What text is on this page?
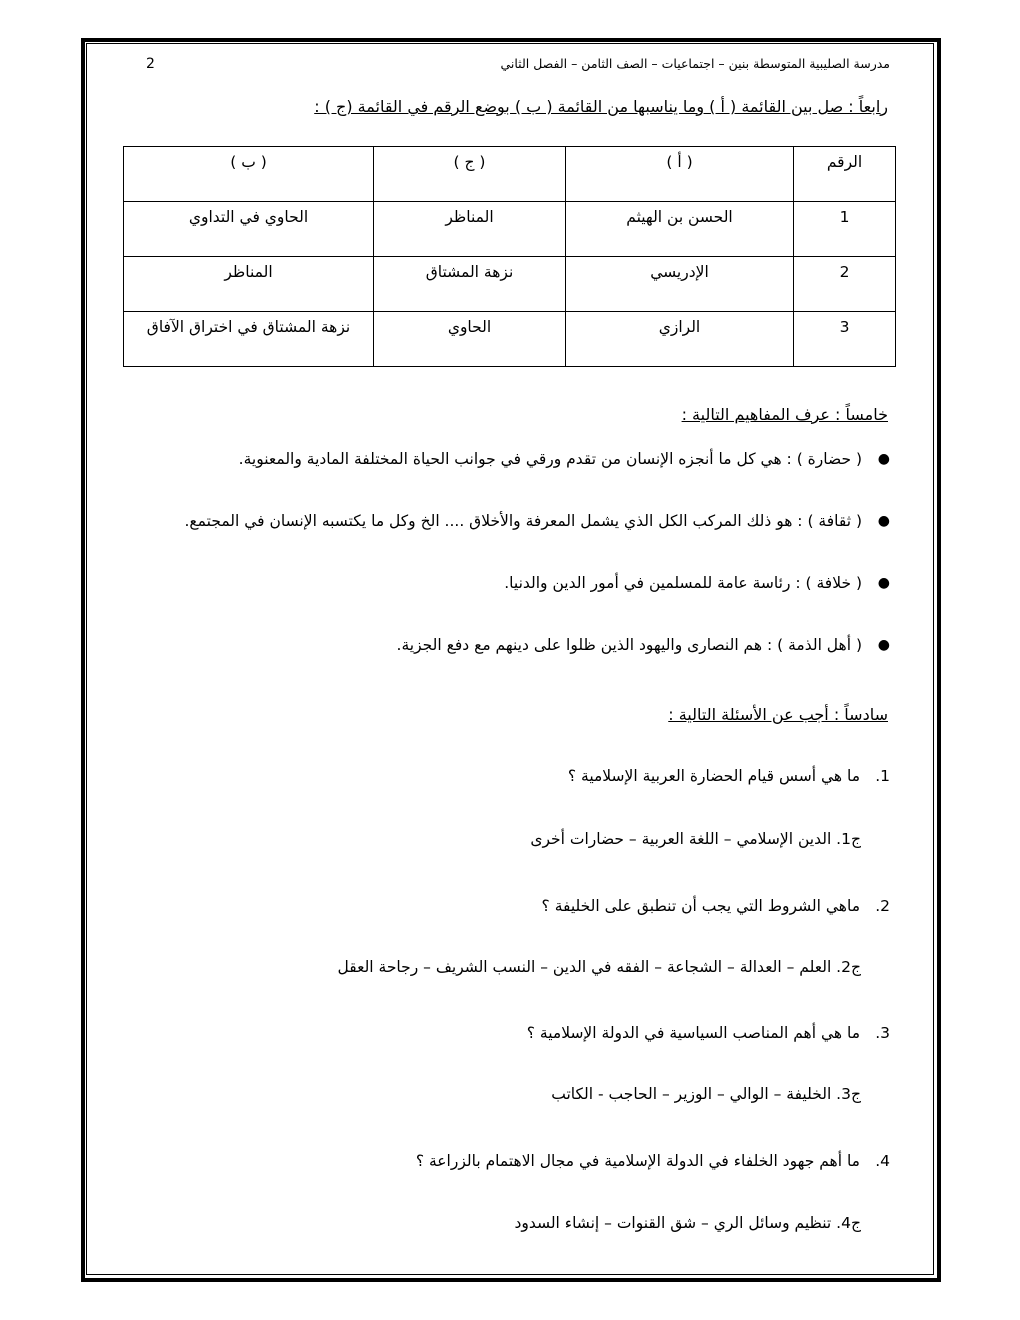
2	مدرسة الصليبية المتوسطة بنين – اجتماعيات – الصف الثامن – الفصل الثاني
رابعاً : صل بين القائمة ( أ ) وما يناسبها من القائمة ( ب ) بوضع الرقم في القائمة (ج ) :
الرقم	( أ )	( ج )	( ب )
1	الحسن بن الهيثم	المناظر	الحاوي في التداوي
2	الإدريسي	نزهة المشتاق	المناظر
3	الرازي	الحاوي	نزهة المشتاق في اختراق الآفاق
خامساً : عرف المفاهيم التالية :
●
( حضارة ) : هي كل ما أنجزه الإنسان من تقدم ورقي في جوانب الحياة المختلفة المادية والمعنوية.
●
( ثقافة ) : هو ذلك المركب الكل الذي يشمل المعرفة والأخلاق .... الخ وكل ما يكتسبه الإنسان في المجتمع.
●
( خلافة ) : رئاسة عامة للمسلمين في أمور الدين والدنيا.
●
( أهل الذمة ) : هم النصارى واليهود الذين ظلوا على دينهم مع دفع الجزية.
سادساً : أجب عن الأسئلة التالية :
1.ما هي أسس قيام الحضارة العربية الإسلامية ؟
ج1. الدين الإسلامي – اللغة العربية – حضارات أخرى
2.ماهي الشروط التي يجب أن تنطبق على الخليفة ؟
ج2. العلم – العدالة – الشجاعة – الفقه في الدين – النسب الشريف – رجاحة العقل
3.ما هي أهم المناصب السياسية في الدولة الإسلامية ؟
ج3. الخليفة – الوالي – الوزير – الحاجب - الكاتب
4.ما أهم جهود الخلفاء في الدولة الإسلامية في مجال الاهتمام بالزراعة ؟
ج4. تنظيم وسائل الري – شق القنوات – إنشاء السدود
